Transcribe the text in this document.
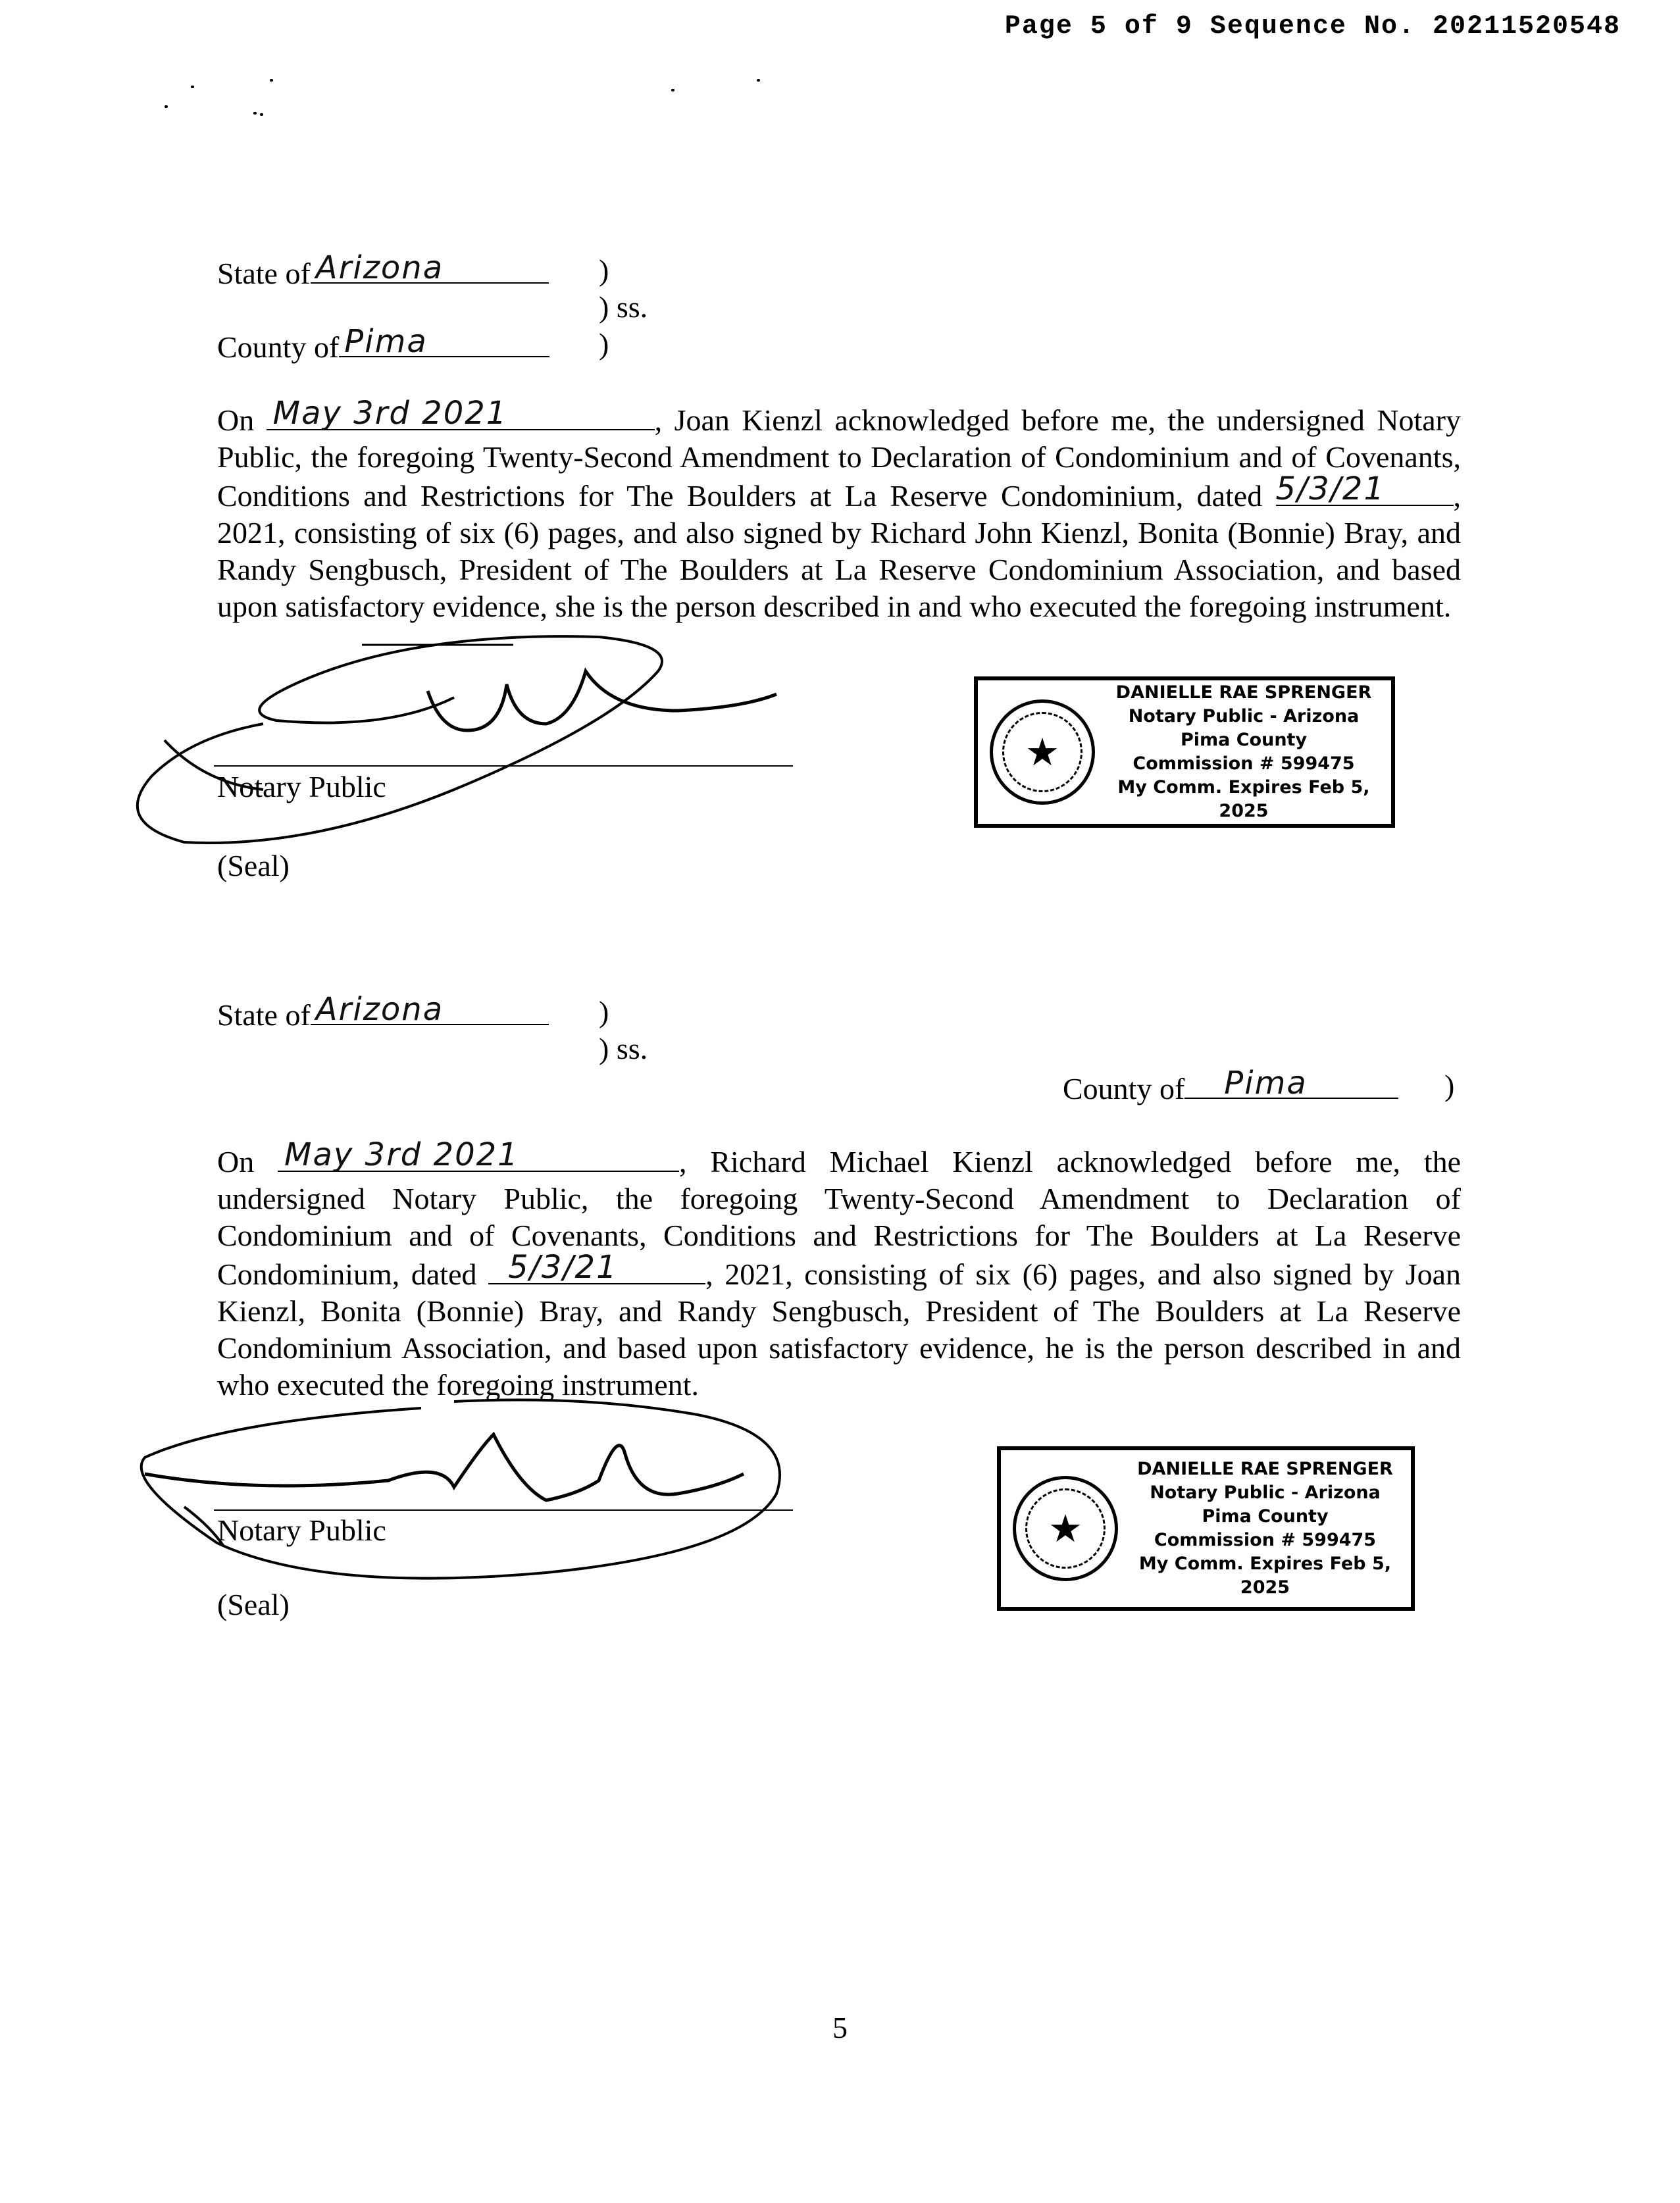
Page 5 of 9 Sequence No. 20211520548
State of Arizona	)
) ss.
County of Pima	)
On May 3rd 2021	, Joan Kienzl acknowledged before me, the undersigned Notary Public, the foregoing Twenty-Second Amendment to Declaration of Condominium and of Covenants, Conditions and Restrictions for The Boulders at La Reserve Condominium, dated 5/3/21 , 2021, consisting of six (6) pages, and also signed by Richard John Kienzl, Bonita (Bonnie) Bray, and Randy Sengbusch, President of The Boulders at La Reserve Condominium Association, and based upon satisfactory evidence, she is the person described in and who executed the foregoing instrument.
Notary Public
(Seal)
★
DANIELLE RAE SPRENGER
Notary Public - Arizona
Pima County
Commission # 599475
My Comm. Expires Feb 5, 2025
State of Arizona	)
) ss.
County of Pima	)
On May 3rd 2021	, Richard Michael Kienzl acknowledged before me, the undersigned Notary Public, the foregoing Twenty-Second Amendment to Declaration of Condominium and of Covenants, Conditions and Restrictions for The Boulders at La Reserve Condominium, dated 5/3/21	, 2021, consisting of six (6) pages, and also signed by Joan Kienzl, Bonita (Bonnie) Bray, and Randy Sengbusch, President of The Boulders at La Reserve Condominium Association, and based upon satisfactory evidence, he is the person described in and who executed the foregoing instrument.
Notary Public
(Seal)
★
DANIELLE RAE SPRENGER
Notary Public - Arizona
Pima County
Commission # 599475
My Comm. Expires Feb 5, 2025
5
